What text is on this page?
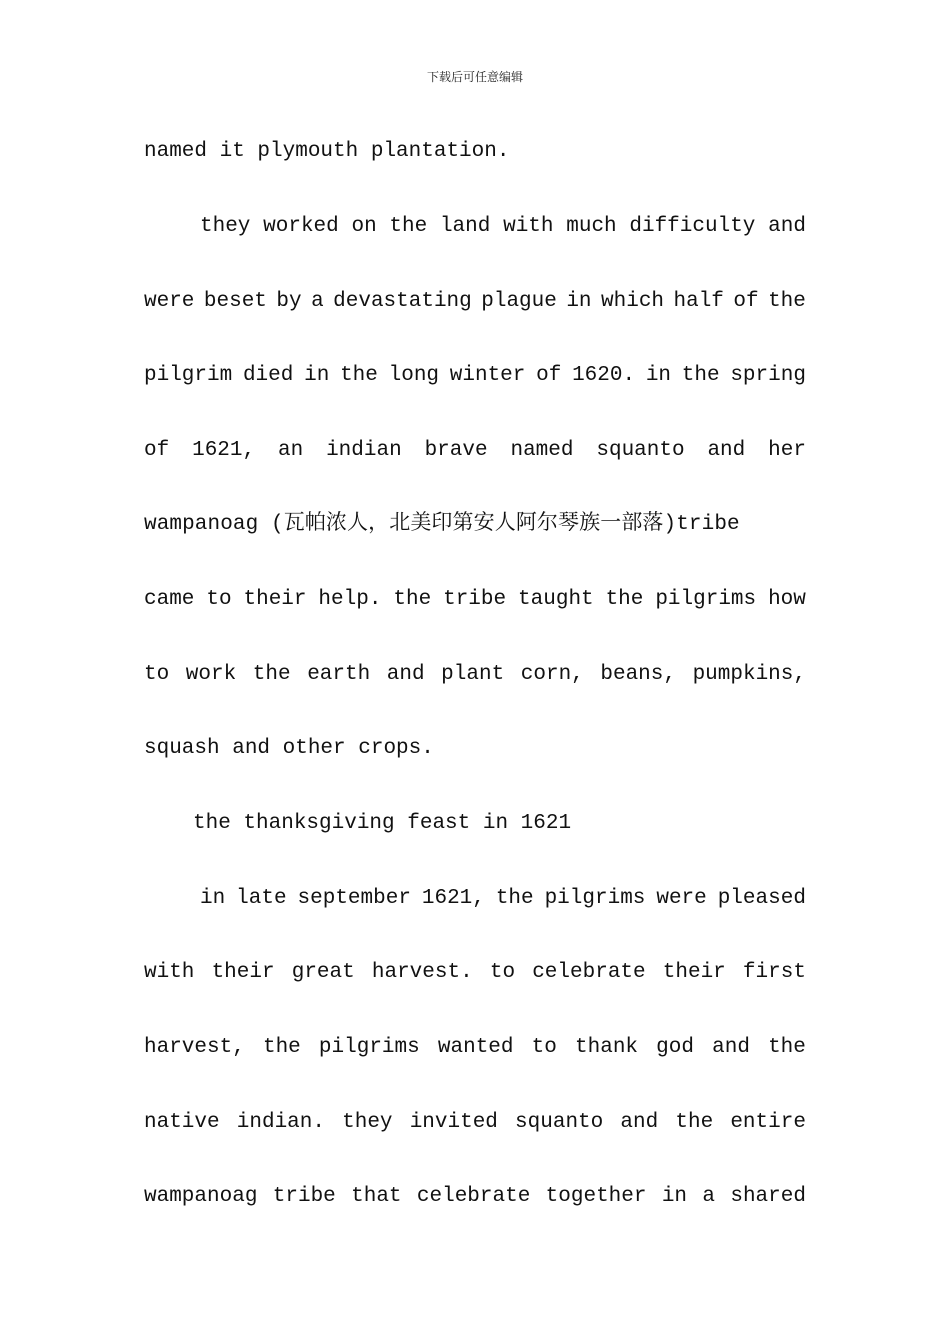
下载后可任意编辑
named it plymouth plantation.
they worked on the land with much difficulty and
were beset by a devastating plague in which half of the
pilgrim died in the long winter of 1620. in the spring
of 1621, an indian brave named squanto and her
wampanoag (瓦帕浓人，北美印第安人阿尔琴族一部落)tribe
came to their help. the tribe taught the pilgrims how
to work the earth and plant corn, beans, pumpkins,
squash and other crops.
the thanksgiving feast in 1621
in late september 1621, the pilgrims were pleased
with their great harvest. to celebrate their first
harvest, the pilgrims wanted to thank god and the
native indian. they invited squanto and the entire
wampanoag tribe that celebrate together in a shared
